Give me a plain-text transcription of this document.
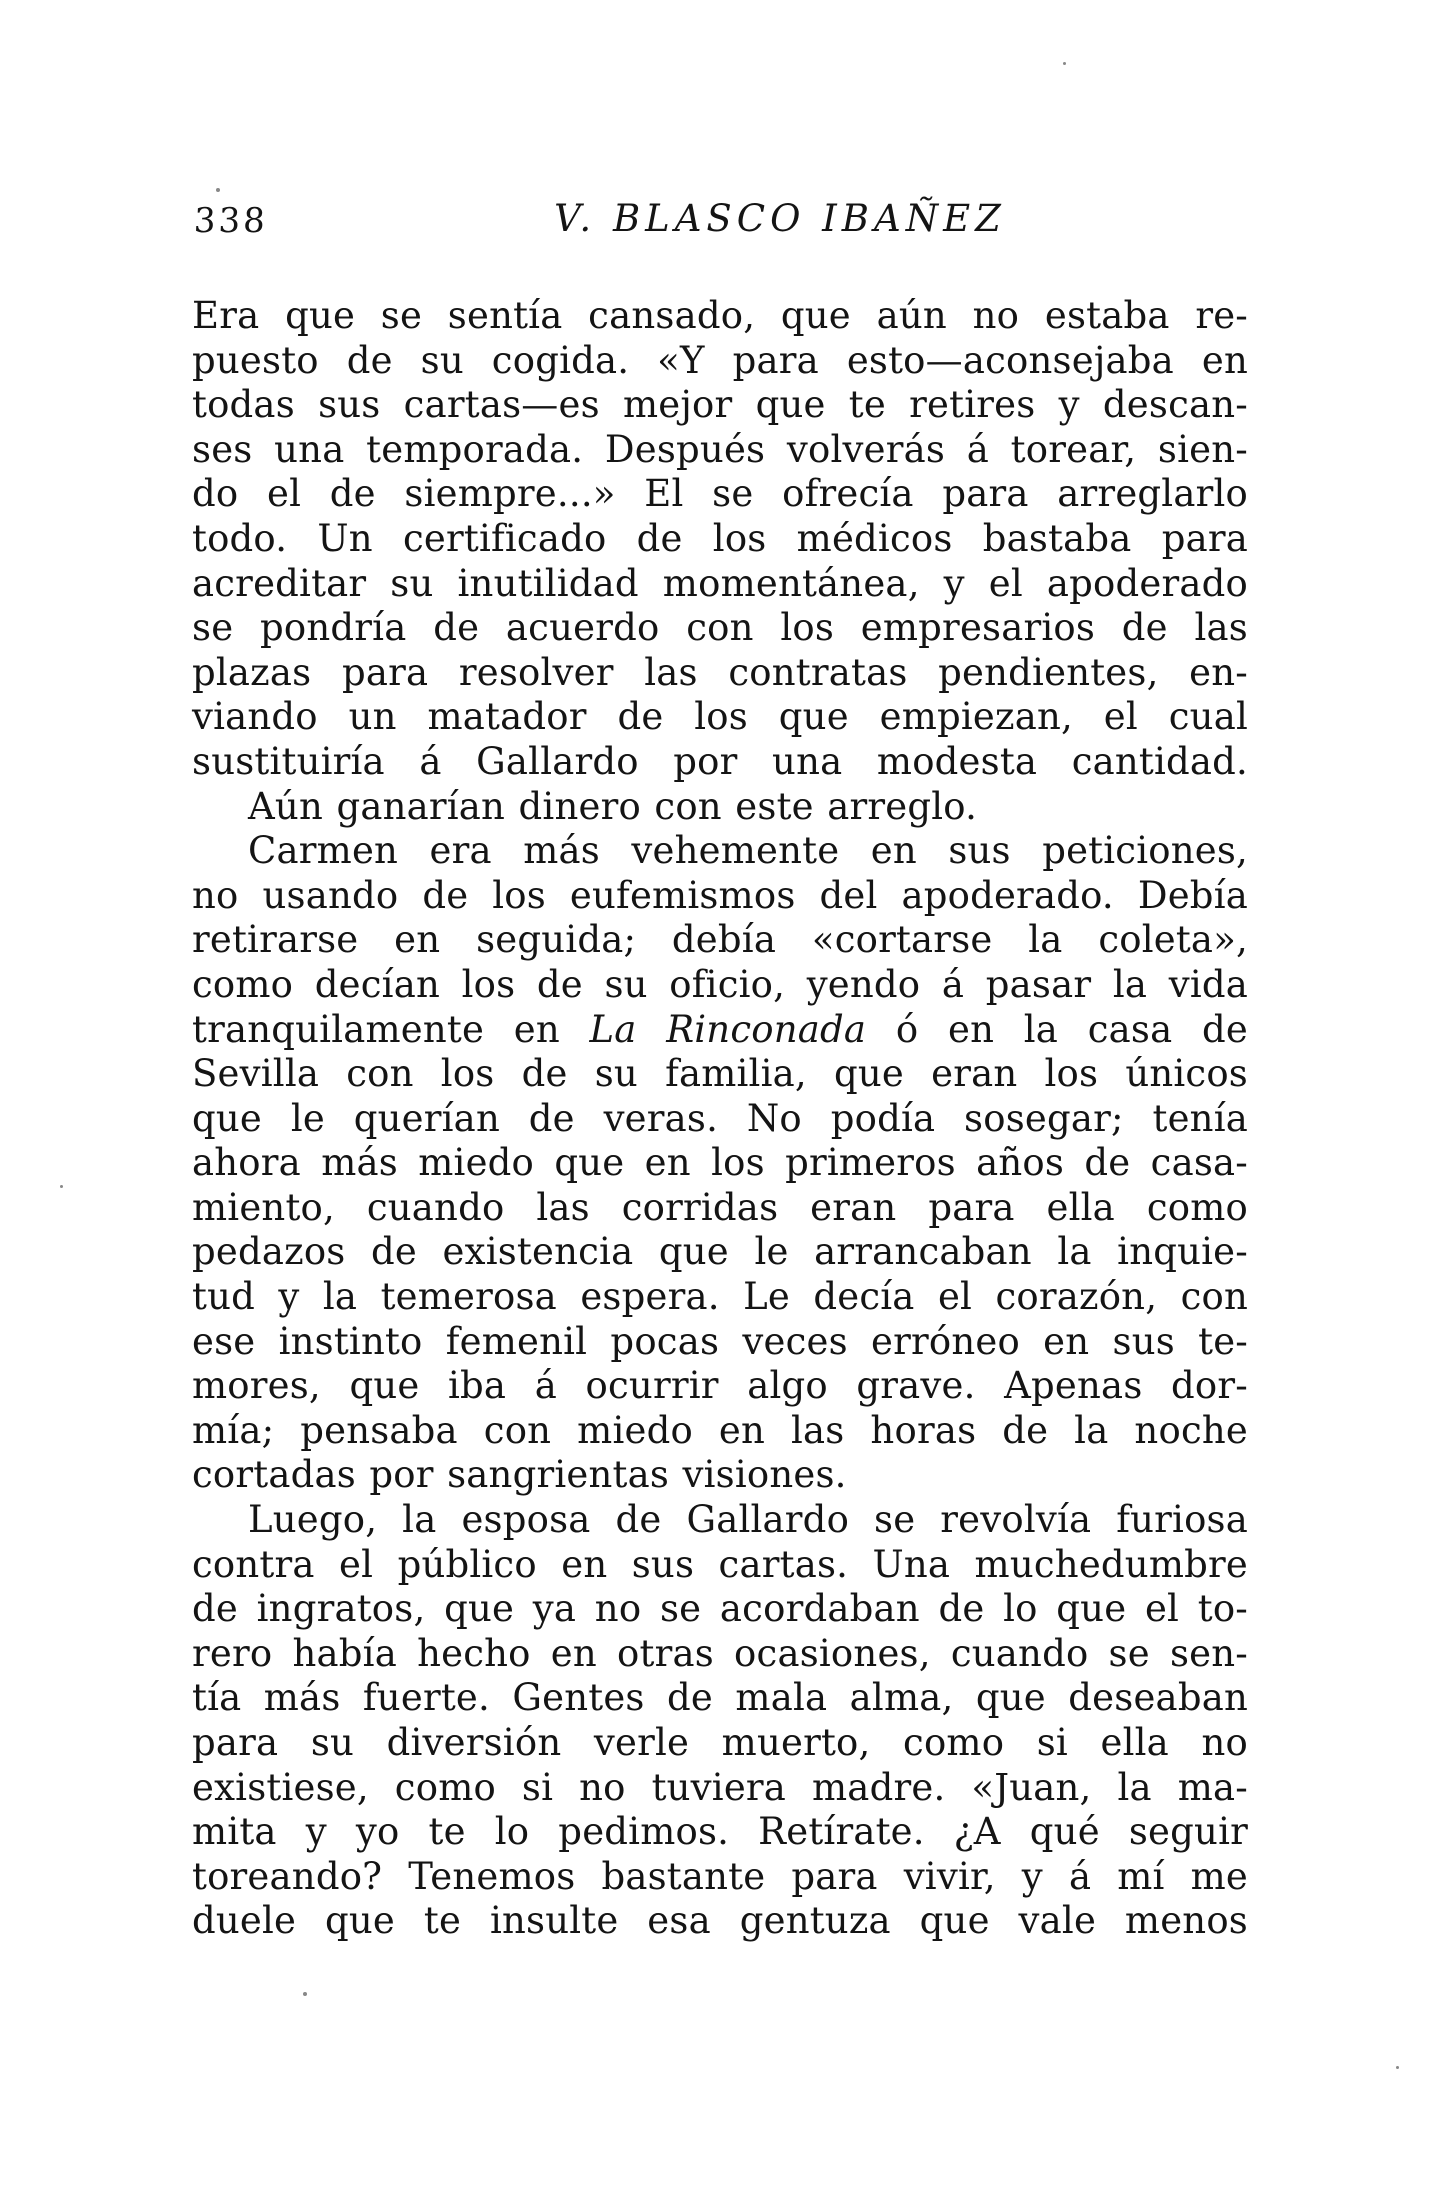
338	V. BLASCO IBAÑEZ
Era que se sentía cansado, que aún no estaba re-
puesto de su cogida. «Y para esto—aconsejaba en
todas sus cartas—es mejor que te retires y descan-
ses una temporada. Después volverás á torear, sien-
do el de siempre...» El se ofrecía para arreglarlo
todo. Un certificado de los médicos bastaba para
acreditar su inutilidad momentánea, y el apoderado
se pondría de acuerdo con los empresarios de las
plazas para resolver las contratas pendientes, en-
viando un matador de los que empiezan, el cual
sustituiría á Gallardo por una modesta cantidad.
Aún ganarían dinero con este arreglo.
Carmen era más vehemente en sus peticiones,
no usando de los eufemismos del apoderado. Debía
retirarse en seguida; debía «cortarse la coleta»,
como decían los de su oficio, yendo á pasar la vida
tranquilamente en La Rinconada ó en la casa de
Sevilla con los de su familia, que eran los únicos
que le querían de veras. No podía sosegar; tenía
ahora más miedo que en los primeros años de casa-
miento, cuando las corridas eran para ella como
pedazos de existencia que le arrancaban la inquie-
tud y la temerosa espera. Le decía el corazón, con
ese instinto femenil pocas veces erróneo en sus te-
mores, que iba á ocurrir algo grave. Apenas dor-
mía; pensaba con miedo en las horas de la noche
cortadas por sangrientas visiones.
Luego, la esposa de Gallardo se revolvía furiosa
contra el público en sus cartas. Una muchedumbre
de ingratos, que ya no se acordaban de lo que el to-
rero había hecho en otras ocasiones, cuando se sen-
tía más fuerte. Gentes de mala alma, que deseaban
para su diversión verle muerto, como si ella no
existiese, como si no tuviera madre. «Juan, la ma-
mita y yo te lo pedimos. Retírate. ¿A qué seguir
toreando? Tenemos bastante para vivir, y á mí me
duele que te insulte esa gentuza que vale menos
